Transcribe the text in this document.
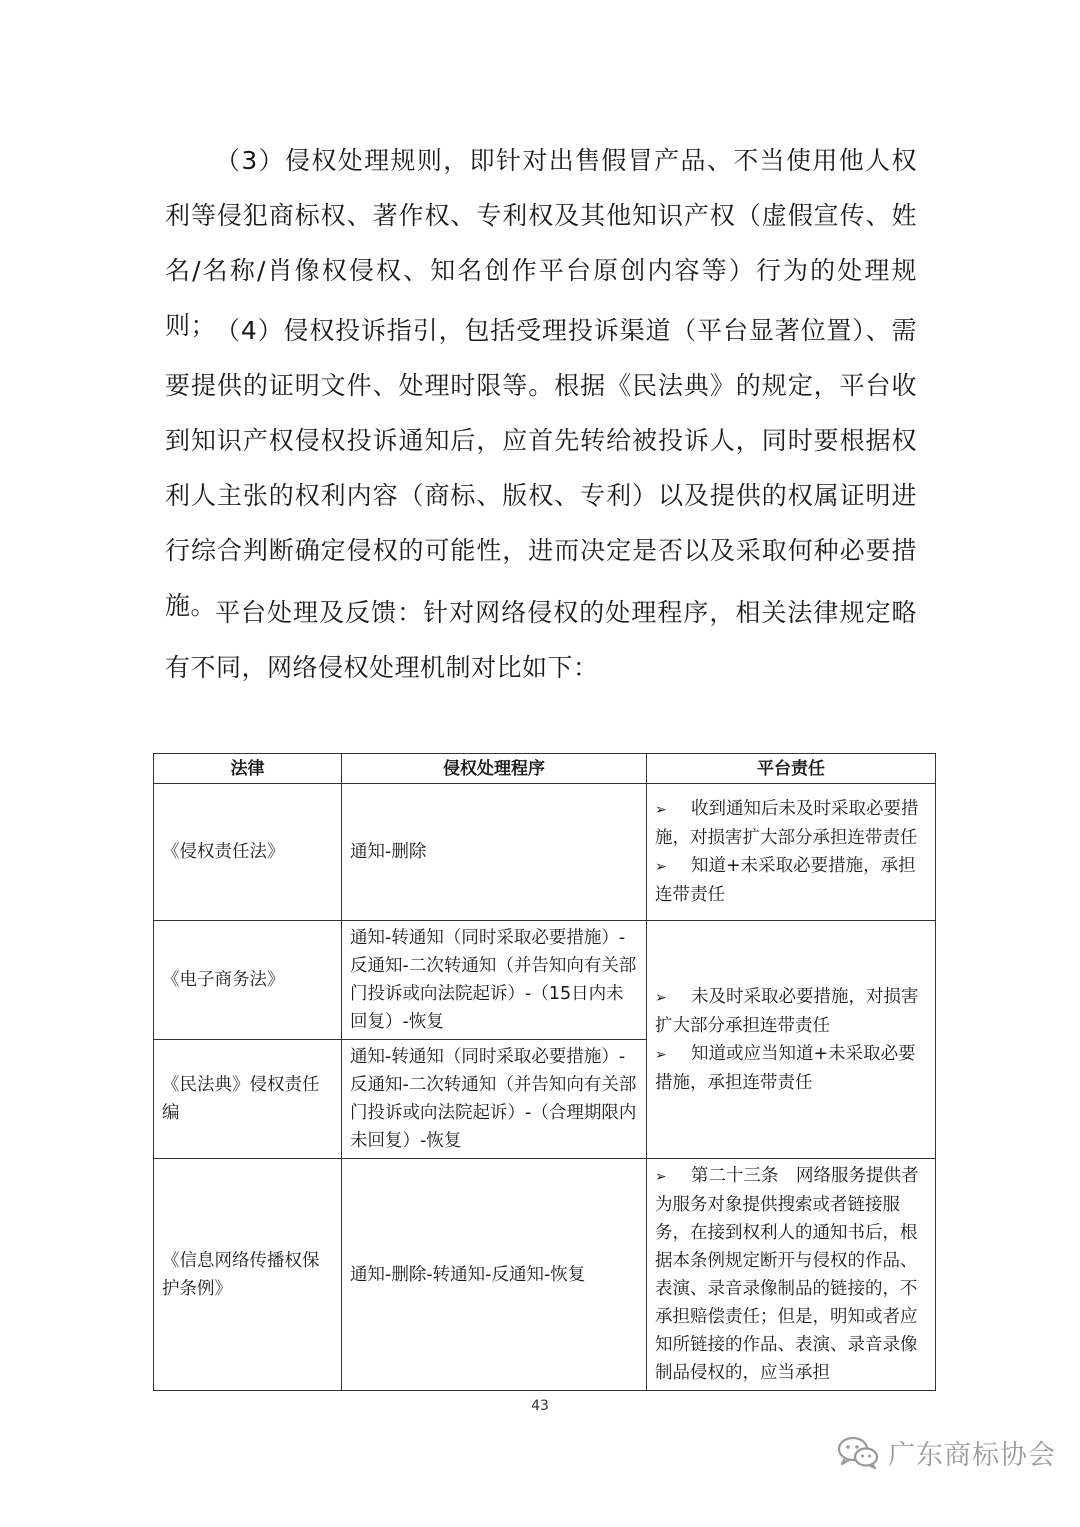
（3）侵权处理规则，即针对出售假冒产品、不当使用他人权利等侵犯商标权、著作权、专利权及其他知识产权（虚假宣传、姓名/名称/肖像权侵权、知名创作平台原创内容等）行为的处理规则；
（4）侵权投诉指引，包括受理投诉渠道（平台显著位置）、需要提供的证明文件、处理时限等。根据《民法典》的规定，平台收到知识产权侵权投诉通知后，应首先转给被投诉人，同时要根据权利人主张的权利内容（商标、版权、专利）以及提供的权属证明进行综合判断确定侵权的可能性，进而决定是否以及采取何种必要措施。
平台处理及反馈：针对网络侵权的处理程序，相关法律规定略有不同，网络侵权处理机制对比如下：
法律	侵权处理程序	平台责任
《侵权责任法》	通知-删除	➢ 收到通知后未及时采取必要措施，对损害扩大部分承担连带责任
➢ 知道+未采取必要措施，承担连带责任

《电子商务法》	通知-转通知（同时采取必要措施）-反通知-二次转通知（并告知向有关部门投诉或向法院起诉）-（15日内未回复）-恢复	➢ 未及时采取必要措施，对损害扩大部分承担连带责任
➢ 知道或应当知道+未采取必要措施，承担连带责任

《民法典》侵权责任编	通知-转通知（同时采取必要措施）-反通知-二次转通知（并告知向有关部门投诉或向法院起诉）-（合理期限内未回复）-恢复	
《信息网络传播权保护条例》	通知-删除-转通知-反通知-恢复	➢ 第二十三条　网络服务提供者为服务对象提供搜索或者链接服务，在接到权利人的通知书后，根据本条例规定断开与侵权的作品、表演、录音录像制品的链接的，不承担赔偿责任；但是，明知或者应知所链接的作品、表演、录音录像制品侵权的，应当承担
43
广东商标协会
